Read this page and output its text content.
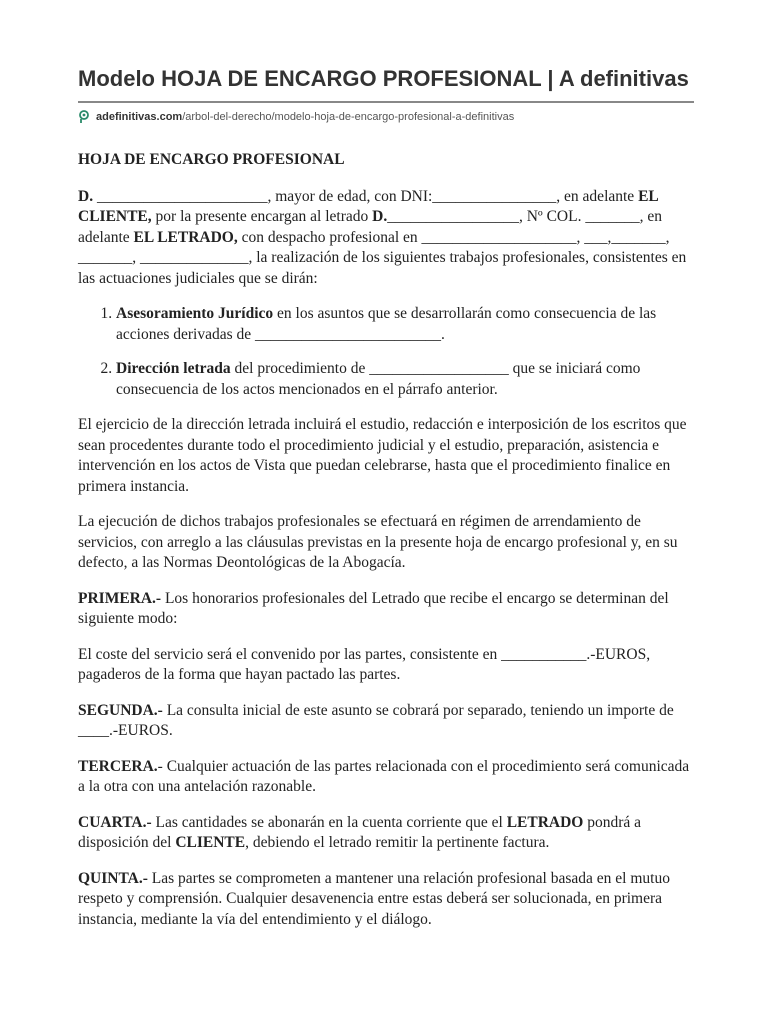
Modelo HOJA DE ENCARGO PROFESIONAL | A definitivas
adefinitivas.com /arbol-del-derecho/modelo-hoja-de-encargo-profesional-a-definitivas
HOJA DE ENCARGO PROFESIONAL

D. ______________________, mayor de edad, con DNI:________________, en adelante EL CLIENTE, por la presente encargan al letrado D._________________, Nº COL. _______, en adelante EL LETRADO, con despacho profesional en ____________________, ___,_______, _______, ______________, la realización de los siguientes trabajos profesionales, consistentes en las actuaciones judiciales que se dirán:

1. Asesoramiento Jurídico en los asuntos que se desarrollarán como consecuencia de las acciones derivadas de ________________________.
2. Dirección letrada del procedimiento de __________________ que se iniciará como consecuencia de los actos mencionados en el párrafo anterior.

El ejercicio de la dirección letrada incluirá el estudio, redacción e interposición de los escritos que sean procedentes durante todo el procedimiento judicial y el estudio, preparación, asistencia e intervención en los actos de Vista que puedan celebrarse, hasta que el procedimiento finalice en primera instancia.

La ejecución de dichos trabajos profesionales se efectuará en régimen de arrendamiento de servicios, con arreglo a las cláusulas previstas en la presente hoja de encargo profesional y, en su defecto, a las Normas Deontológicas de la Abogacía.

PRIMERA.- Los honorarios profesionales del Letrado que recibe el encargo se determinan del siguiente modo:

El coste del servicio será el convenido por las partes, consistente en ___________.-EUROS, pagaderos de la forma que hayan pactado las partes.

SEGUNDA.- La consulta inicial de este asunto se cobrará por separado, teniendo un importe de ____.-EUROS.

TERCERA.- Cualquier actuación de las partes relacionada con el procedimiento será comunicada a la otra con una antelación razonable.

CUARTA.- Las cantidades se abonarán en la cuenta corriente que el LETRADO pondrá a disposición del CLIENTE, debiendo el letrado remitir la pertinente factura.

QUINTA.- Las partes se comprometen a mantener una relación profesional basada en el mutuo respeto y comprensión. Cualquier desavenencia entre estas deberá ser solucionada, en primera instancia, mediante la vía del entendimiento y el diálogo.
